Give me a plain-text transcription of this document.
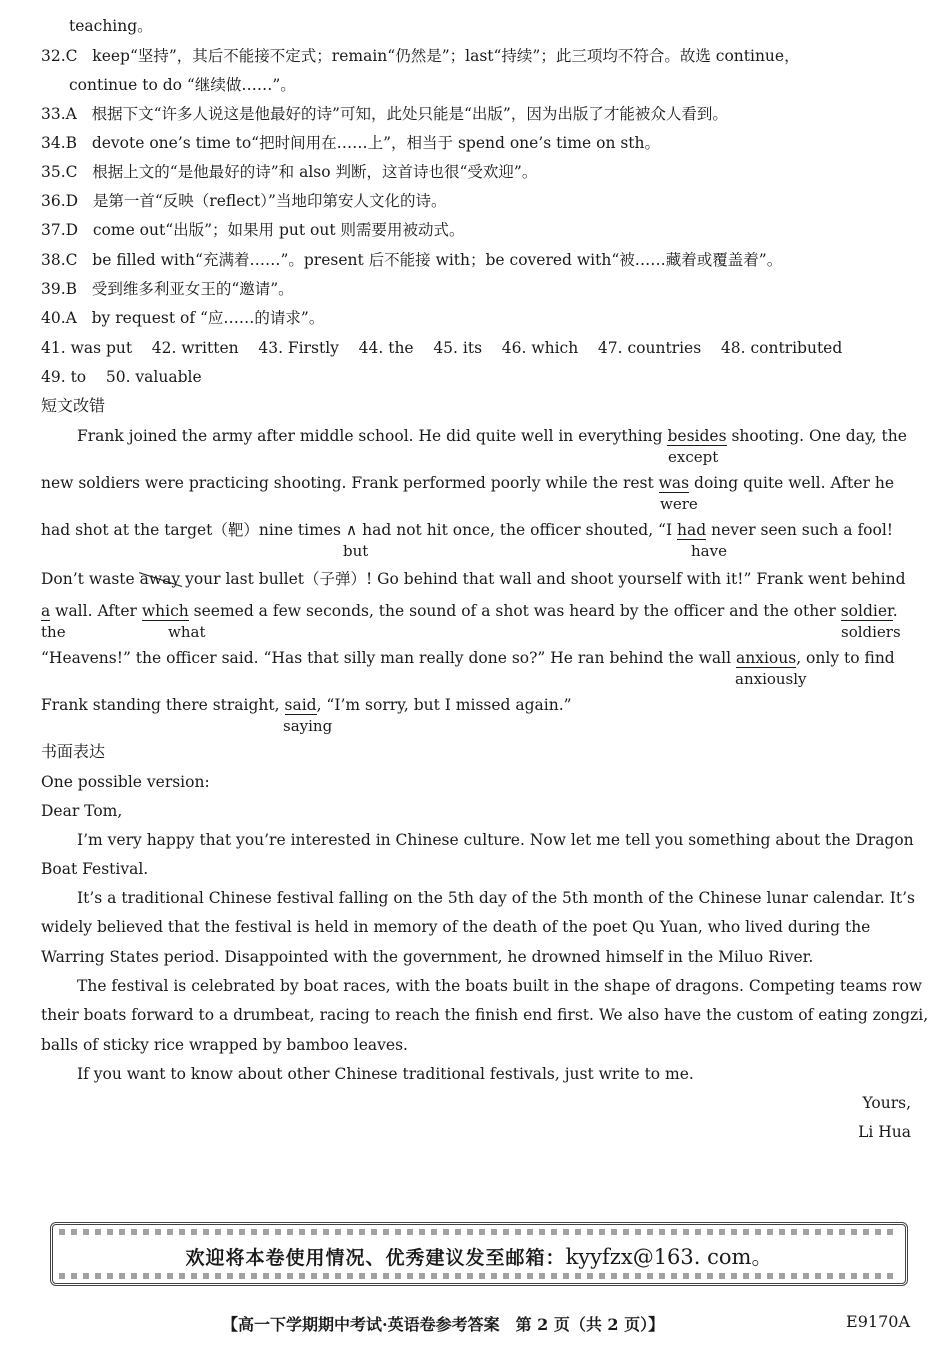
teaching。
32.C keep“坚持”，其后不能接不定式；remain“仍然是”；last“持续”；此三项均不符合。故选 continue，
continue to do “继续做……”。
33.A 根据下文“许多人说这是他最好的诗”可知，此处只能是“出版”，因为出版了才能被众人看到。
34.B devote one’s time to“把时间用在……上”，相当于 spend one’s time on sth。
35.C 根据上文的“是他最好的诗”和 also 判断，这首诗也很“受欢迎”。
36.D 是第一首“反映（reflect）”当地印第安人文化的诗。
37.D come out“出版”；如果用 put out 则需要用被动式。
38.C be filled with“充满着……”。present 后不能接 with；be covered with“被……藏着或覆盖着”。
39.B 受到维多利亚女王的“邀请”。
40.A by request of “应……的请求”。
41. was put    42. written    43. Firstly    44. the    45. its    46. which    47. countries    48. contributed
49. to    50. valuable
短文改错
Frank joined the army after middle school. He did quite well in everything besides shooting. One day, the
except
new soldiers were practicing shooting. Frank performed poorly while the rest was doing quite well. After he
were
had shot at the target（靶）nine times ∧ had not hit once, the officer shouted, “I had never seen such a fool!
but	have
Don’t waste away your last bullet（子弹）! Go behind that wall and shoot yourself with it!” Frank went behind
a wall. After which seemed a few seconds, the sound of a shot was heard by the officer and the other soldier.
the	what	soldiers
“Heavens!” the officer said. “Has that silly man really done so?” He ran behind the wall anxious, only to find
anxiously
Frank standing there straight, said, “I’m sorry, but I missed again.”
saying
书面表达
One possible version:
Dear Tom,
I’m very happy that you’re interested in Chinese culture. Now let me tell you something about the Dragon
Boat Festival.
It’s a traditional Chinese festival falling on the 5th day of the 5th month of the Chinese lunar calendar. It’s
widely believed that the festival is held in memory of the death of the poet Qu Yuan, who lived during the
Warring States period. Disappointed with the government, he drowned himself in the Miluo River.
The festival is celebrated by boat races, with the boats built in the shape of dragons. Competing teams row
their boats forward to a drumbeat, racing to reach the finish end first. We also have the custom of eating zongzi,
balls of sticky rice wrapped by bamboo leaves.
If you want to know about other Chinese traditional festivals, just write to me.
Yours,
Li Hua
欢迎将本卷使用情况、优秀建议发至邮箱：kyyfzx@163. com。
【高一下学期期中考试·英语卷参考答案　第 2 页（共 2 页）】	E9170A
